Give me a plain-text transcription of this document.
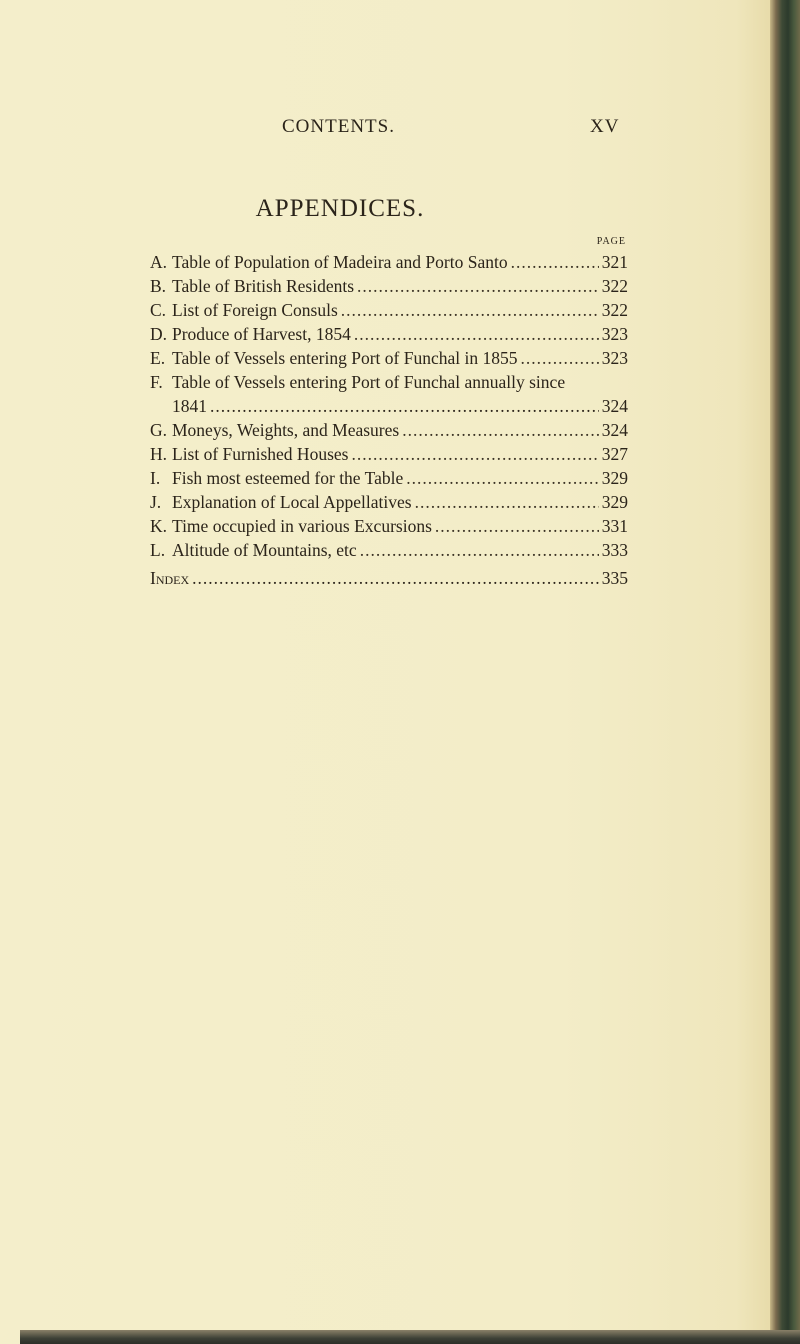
CONTENTS.	XV
APPENDICES.
PAGE
A. Table of Population of Madeira and Porto Santo .....	321
B. Table of British Residents .....	322
C. List of Foreign Consuls .....	322
D. Produce of Harvest, 1854 .....	323
E. Table of Vessels entering Port of Funchal in 1855 .....	323
F. Table of Vessels entering Port of Funchal annually since
1841 .....	324
G. Moneys, Weights, and Measures .....	324
H. List of Furnished Houses .....	327
I. Fish most esteemed for the Table .....	329
J. Explanation of Local Appellatives .....	329
K. Time occupied in various Excursions .....	331
L. Altitude of Mountains, etc .....	333
Index .....	335
